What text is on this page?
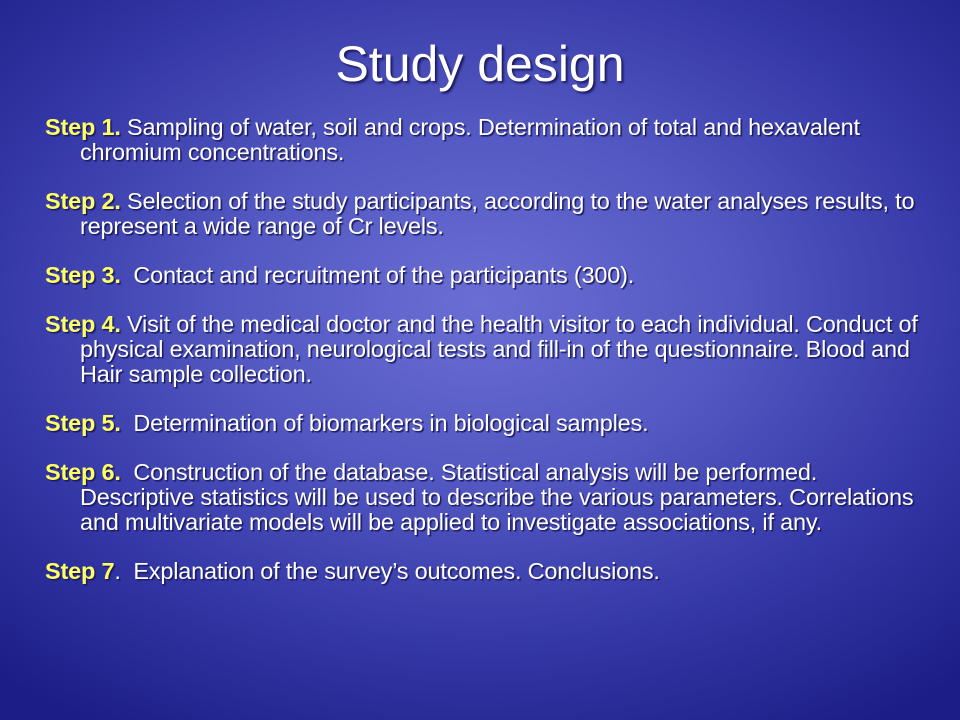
Study design
Step 1. Sampling of water, soil and crops. Determination of total and hexavalent chromium concentrations.
Step 2. Selection of the study participants, according to the water analyses results, to represent a wide range of Cr levels.
Step 3. Contact and recruitment of the participants (300).
Step 4. Visit of the medical doctor and the health visitor to each individual. Conduct of physical examination, neurological tests and fill-in of the questionnaire. Blood and Hair sample collection.
Step 5. Determination of biomarkers in biological samples.
Step 6. Construction of the database. Statistical analysis will be performed. Descriptive statistics will be used to describe the various parameters. Correlations and multivariate models will be applied to investigate associations, if any.
Step 7.  Explanation of the survey’s outcomes. Conclusions.
